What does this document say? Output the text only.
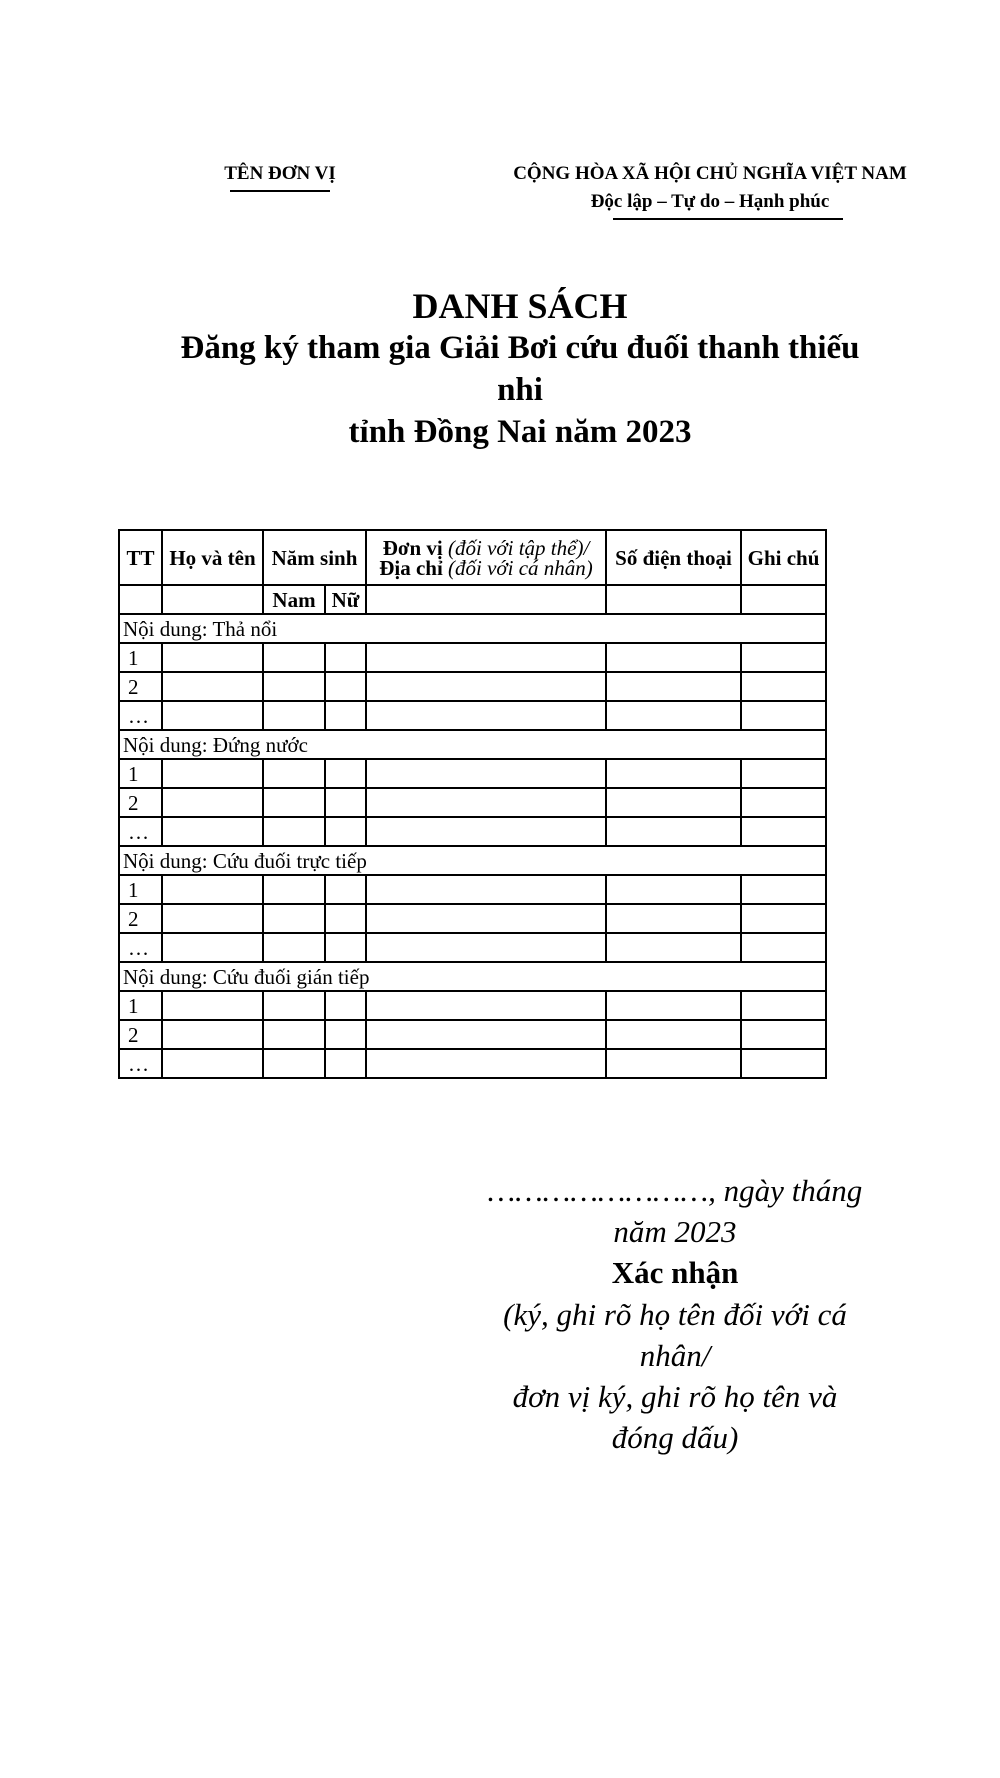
TÊN ĐƠN VỊ	CỘNG HÒA XÃ HỘI CHỦ NGHĨA VIỆT NAM
Độc lập – Tự do – Hạnh phúc
DANH SÁCH
Đăng ký tham gia Giải Bơi cứu đuối thanh thiếu
nhi
tỉnh Đồng Nai năm 2023
TT	Họ và tên	Năm sinh		Đơn vị (đối với tập thể)/
Địa chỉ (đối với cá nhân)	Số điện thoại	Ghi chú
		Nam	Nữ			
Nội dung: Thả nổi						
1						
2						
…						
Nội dung: Đứng nước						
1						
2						
…						
Nội dung: Cứu đuối trực tiếp						
1						
2						
…						
Nội dung: Cứu đuối gián tiếp						
1						
2						
…						
……………………, ngày tháng
năm 2023
Xác nhận
(ký, ghi rõ họ tên đối với cá
nhân/
đơn vị ký, ghi rõ họ tên và
đóng dấu)
